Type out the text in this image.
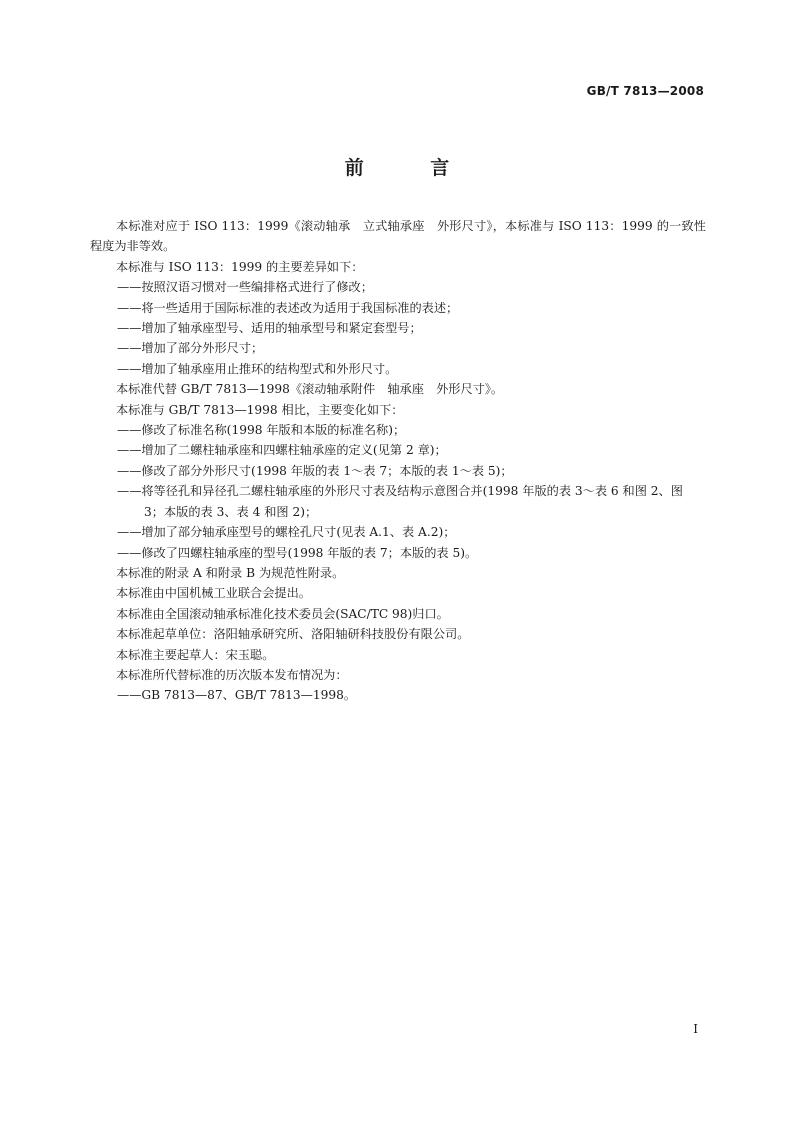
GB/T 7813—2008
前 言

本标准对应于 ISO 113：1999《滚动轴承　立式轴承座　外形尺寸》，本标准与 ISO 113：1999 的一致性程度为非等效。

本标准与 ISO 113：1999 的主要差异如下：

——按照汉语习惯对一些编排格式进行了修改；

——将一些适用于国际标准的表述改为适用于我国标准的表述；

——增加了轴承座型号、适用的轴承型号和紧定套型号；

——增加了部分外形尺寸；

——增加了轴承座用止推环的结构型式和外形尺寸。

本标准代替 GB/T 7813—1998《滚动轴承附件　轴承座　外形尺寸》。

本标准与 GB/T 7813—1998 相比，主要变化如下：

——修改了标准名称(1998 年版和本版的标准名称)；

——增加了二螺柱轴承座和四螺柱轴承座的定义(见第 2 章)；

——修改了部分外形尺寸(1998 年版的表 1～表 7；本版的表 1～表 5)；

——将等径孔和异径孔二螺柱轴承座的外形尺寸表及结构示意图合并(1998 年版的表 3～表 6 和图 2、图 3；本版的表 3、表 4 和图 2)；

——增加了部分轴承座型号的螺栓孔尺寸(见表 A.1、表 A.2)；

——修改了四螺柱轴承座的型号(1998 年版的表 7；本版的表 5)。

本标准的附录 A 和附录 B 为规范性附录。

本标准由中国机械工业联合会提出。

本标准由全国滚动轴承标准化技术委员会(SAC/TC 98)归口。

本标准起草单位：洛阳轴承研究所、洛阳轴研科技股份有限公司。

本标准主要起草人：宋玉聪。

本标准所代替标准的历次版本发布情况为：

——GB 7813—87、GB/T 7813—1998。

I
